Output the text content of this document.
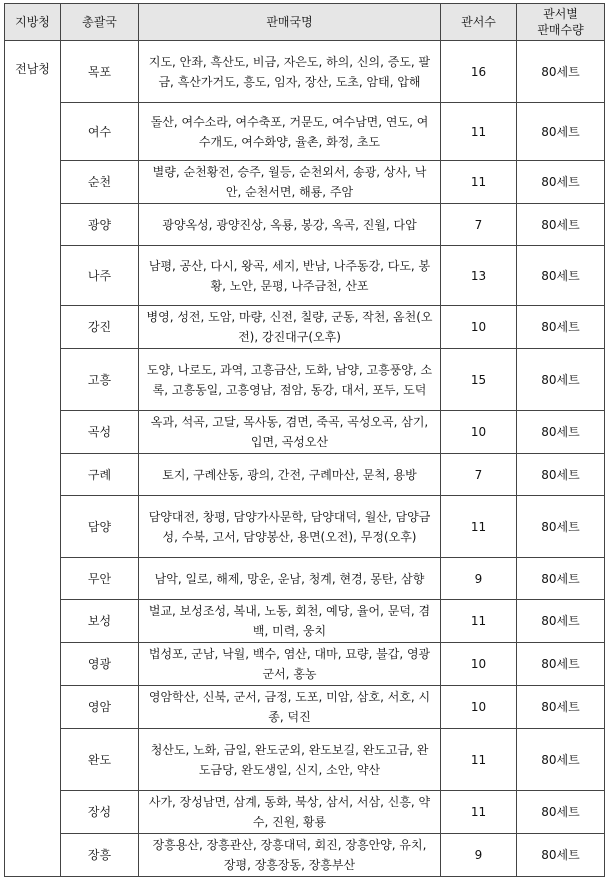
지방청	총괄국	판매국명	관서수	관서별
판매수량

전남청	목포	지도, 안좌, 흑산도, 비금, 자은도, 하의, 신의, 증도, 팔금, 흑산가거도, 흥도, 임자, 장산, 도초, 암태, 압해	16	80세트
	여수	돌산, 여수소라, 여수축포, 거문도, 여수남면, 연도, 여수개도, 여수화양, 율촌, 화정, 초도	11	80세트
	순천	별량, 순천황전, 승주, 월등, 순천외서, 송광, 상사, 낙안, 순천서면, 해룡, 주암	11	80세트
	광양	광양옥성, 광양진상, 옥룡, 봉강, 옥곡, 진월, 다압	7	80세트
	나주	남평, 공산, 다시, 왕곡, 세지, 반남, 나주동강, 다도, 봉황, 노안, 문평, 나주금천, 산포	13	80세트
	강진	병영, 성전, 도암, 마량, 신전, 칠량, 군동, 작천, 옴천(오전), 강진대구(오후)	10	80세트
	고흥	도양, 나로도, 과역, 고흥금산, 도화, 남양, 고흥풍양, 소록, 고흥동일, 고흥영남, 점암, 동강, 대서, 포두, 도덕	15	80세트
	곡성	옥과, 석곡, 고달, 목사동, 겸면, 죽곡, 곡성오곡, 삼기, 입면, 곡성오산	10	80세트
	구례	토지, 구례산동, 광의, 간전, 구례마산, 문척, 용방	7	80세트
	담양	담양대전, 창평, 담양가사문학, 담양대덕, 월산, 담양금성, 수북, 고서, 담양봉산, 용면(오전), 무정(오후)	11	80세트
	무안	남악, 일로, 해제, 망운, 운남, 청계, 현경, 몽탄, 삼향	9	80세트
	보성	벌교, 보성조성, 복내, 노동, 회천, 예당, 율어, 문덕, 겸백, 미력, 웅치	11	80세트
	영광	법성포, 군남, 낙월, 백수, 염산, 대마, 묘량, 불갑, 영광군서, 홍농	10	80세트
	영암	영암학산, 신북, 군서, 금정, 도포, 미암, 삼호, 서호, 시종, 덕진	10	80세트
	완도	청산도, 노화, 금일, 완도군외, 완도보길, 완도고금, 완도금당, 완도생일, 신지, 소안, 약산	11	80세트
	장성	사가, 장성남면, 삼계, 동화, 북상, 삼서, 서삼, 신흥, 약수, 진원, 황룡	11	80세트
	장흥	장흥용산, 장흥관산, 장흥대덕, 회진, 장흥안양, 유치, 장평, 장흥장동, 장흥부산	9	80세트
